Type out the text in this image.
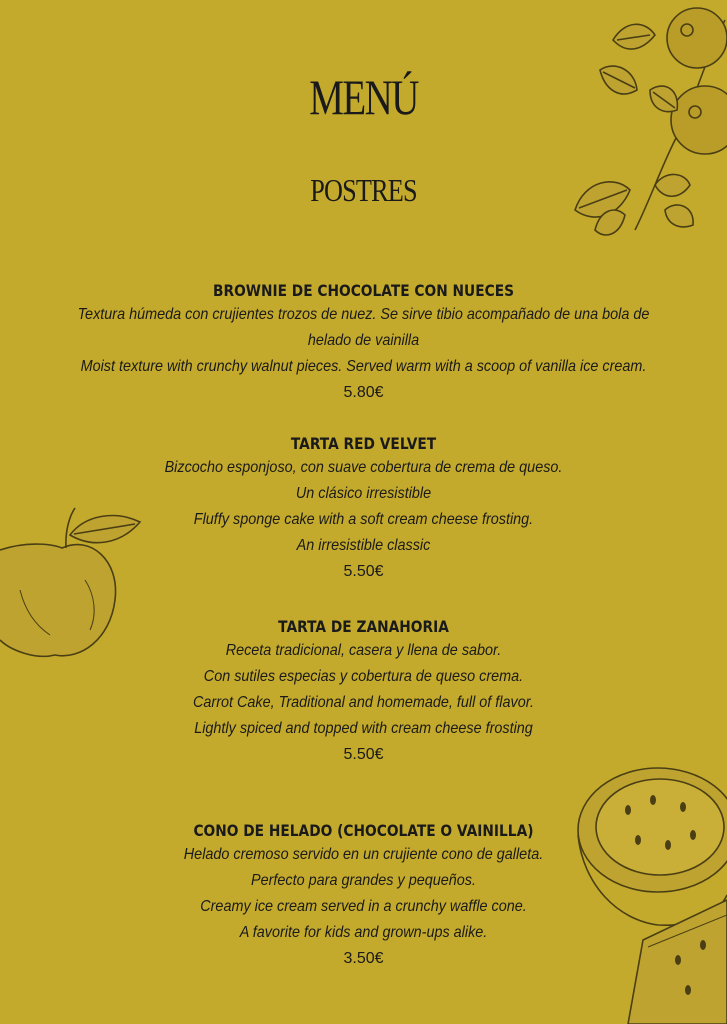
MENÚ
POSTRES
BROWNIE DE CHOCOLATE CON NUECES
Textura húmeda con crujientes trozos de nuez. Se sirve tibio acompañado de una bola de
helado de vainilla
Moist texture with crunchy walnut pieces. Served warm with a scoop of vanilla ice cream.
5.80€
TARTA RED VELVET
Bizcocho esponjoso, con suave cobertura de crema de queso.
Un clásico irresistible
Fluffy sponge cake with a soft cream cheese frosting.
An irresistible classic
5.50€
TARTA DE ZANAHORIA
Receta tradicional, casera y llena de sabor.
Con sutiles especias y cobertura de queso crema.
Carrot Cake, Traditional and homemade, full of flavor.
Lightly spiced and topped with cream cheese frosting
5.50€
CONO DE HELADO (CHOCOLATE O VAINILLA)
Helado cremoso servido en un crujiente cono de galleta.
Perfecto para grandes y pequeños.
Creamy ice cream served in a crunchy waffle cone.
A favorite for kids and grown-ups alike.
3.50€
